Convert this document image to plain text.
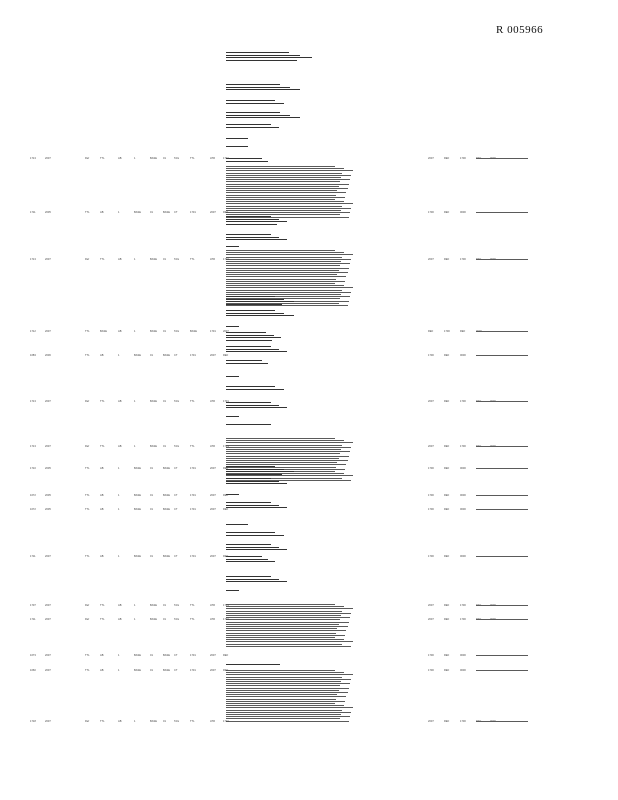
R 005966
1713	2007	Ref	TTL	AB	1	BASE 01	TAG	TTL	ATR	1701	2007	REF	1700
1711	2005	TTL	AB	1	BASE	01	BASE CT	1701	2007	REF	1700	REF	0000
1713	2007	Ref	TTL	AB	1	BASE 01	TAG	TTL	ATR	1701	2007	REF	1700
1712	2007	TTL	BASE	AB	1	BASE 01	TAG	BASE	1701	2007	REF	1700	REF
1683	2006	TTL	AB	1	BASE	01	BASE CT	1701	2007	REF	1700	REF	0000
1713	2007	Ref	TTL	AB	1	BASE 01	TAG	TTL	ATR	1701	2007	REF	1700
1713	2007	Ref	TTL	AB	1	BASE 01	TAG	TTL	ATR	1701	2007	REF	1700
1710	2005	TTL	AB	1	BASE	01	BASE CT	1701	2007	REF	1700	REF	0000
1672	2005	TTL	AB	1	BASE	01	BASE CT	1701	2007	REF	1700	REF	0000
1672	2005	TTL	AB	1	BASE	01	BASE CT	1701	2007	REF	1700	REF	0000
1711	2007	TTL	AB	1	BASE	01	BASE CT	1701	2007	REF	1700	REF	0000
1707	2007	Ref	TTL	AB	1	BASE 01	TAG	TTL	ATR	1701	2007	REF	1700
1711	2007	Ref	TTL	AB	1	BASE 01	TAG	TTL	ATR	1701	2007	REF	1700
1673	2007	TTL	AB	1	BASE	01	BASE CT	1701	2007	REF	1700	REF	0000
1660	2007	TTL	AB	1	BASE	01	BASE CT	1701	2007	REF	1700	REF	0000
1718	2007	Ref	TTL	AB	1	BASE 01	TAG	TTL	ATR	1701	2007	REF	1700
